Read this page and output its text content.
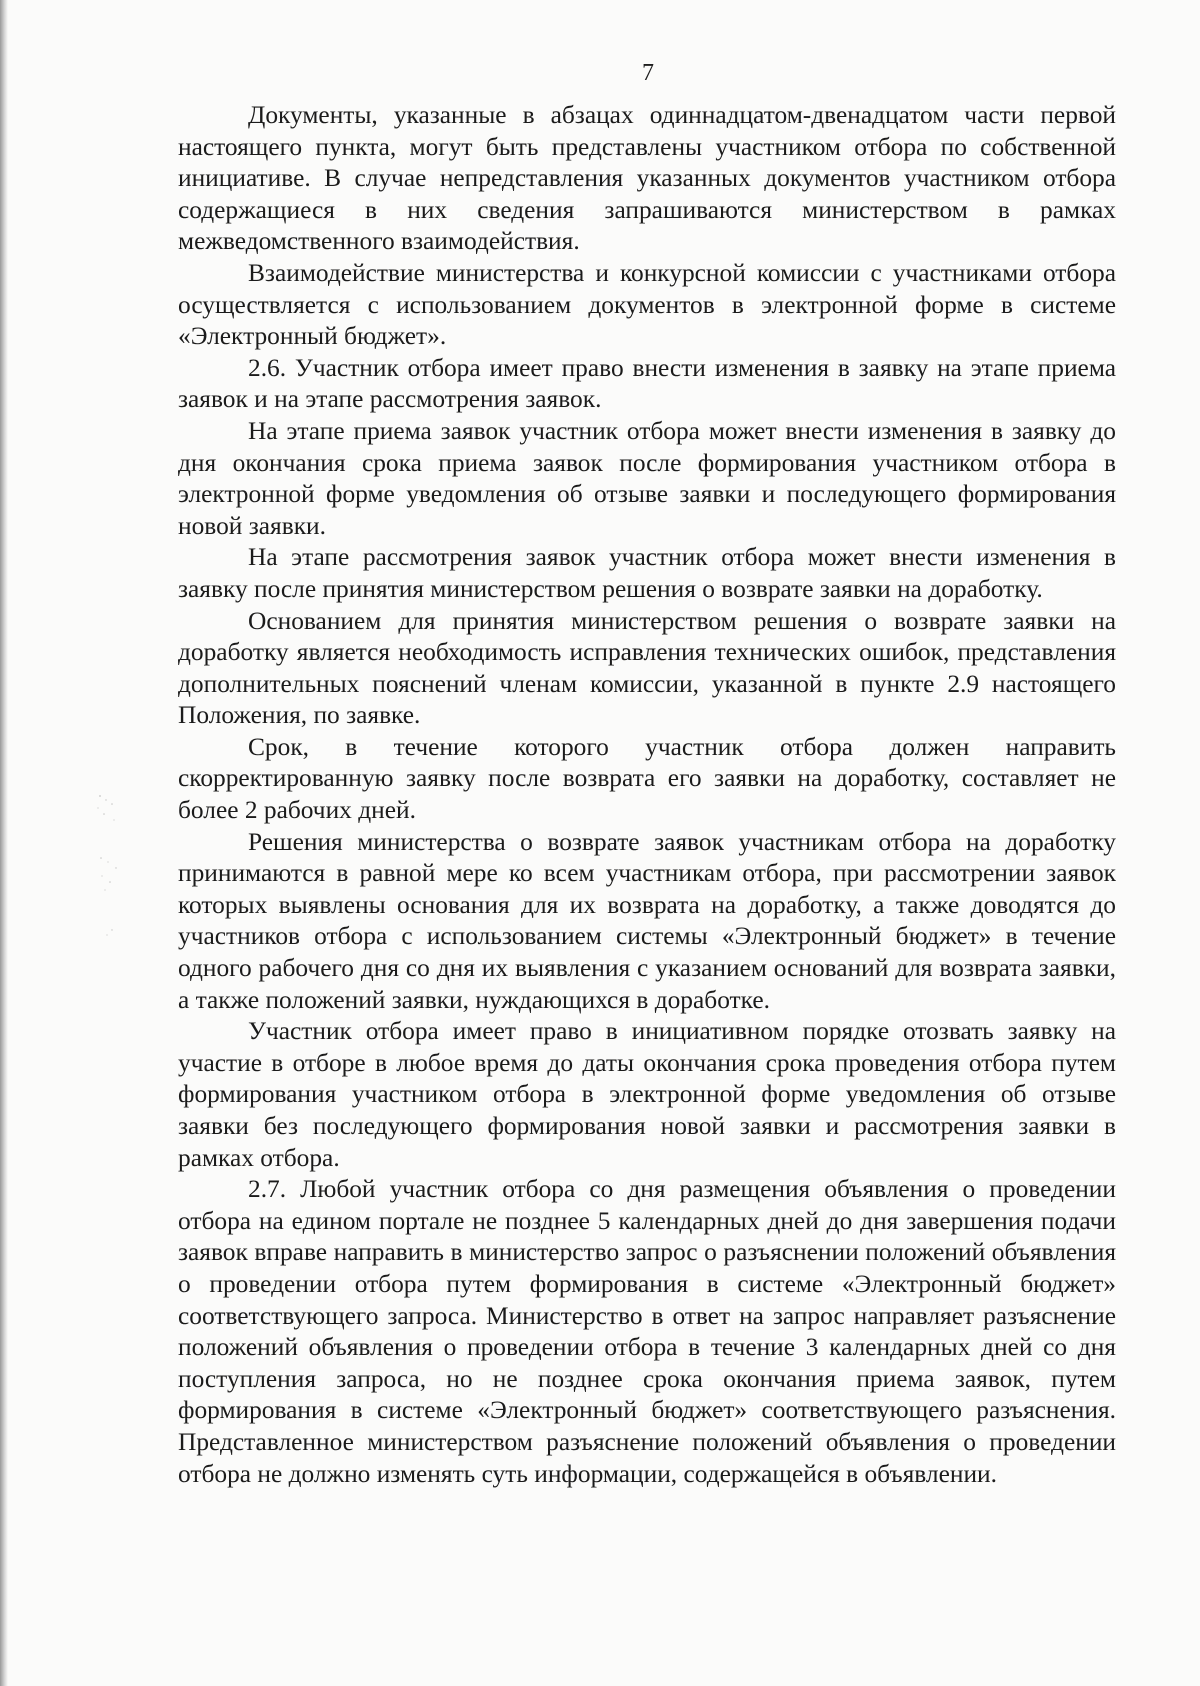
7

Документы, указанные в абзацах одиннадцатом-двенадцатом части первой настоящего пункта, могут быть представлены участником отбора по собственной инициативе. В случае непредставления указанных документов участником отбора содержащиеся в них сведения запрашиваются министерством в рамках межведомственного взаимодействия.

Взаимодействие министерства и конкурсной комиссии с участниками отбора осуществляется с использованием документов в электронной форме в системе «Электронный бюджет».

2.6. Участник отбора имеет право внести изменения в заявку на этапе приема заявок и на этапе рассмотрения заявок.

На этапе приема заявок участник отбора может внести изменения в заявку до дня окончания срока приема заявок после формирования участником отбора в электронной форме уведомления об отзыве заявки и последующего формирования новой заявки.

На этапе рассмотрения заявок участник отбора может внести изменения в заявку после принятия министерством решения о возврате заявки на доработку.

Основанием для принятия министерством решения о возврате заявки на доработку является необходимость исправления технических ошибок, представления дополнительных пояснений членам комиссии, указанной в пункте 2.9 настоящего Положения, по заявке.

Срок, в течение которого участник отбора должен направить скорректированную заявку после возврата его заявки на доработку, составляет не более 2 рабочих дней.

Решения министерства о возврате заявок участникам отбора на доработку принимаются в равной мере ко всем участникам отбора, при рассмотрении заявок которых выявлены основания для их возврата на доработку, а также доводятся до участников отбора с использованием системы «Электронный бюджет» в течение одного рабочего дня со дня их выявления с указанием оснований для возврата заявки, а также положений заявки, нуждающихся в доработке.

Участник отбора имеет право в инициативном порядке отозвать заявку на участие в отборе в любое время до даты окончания срока проведения отбора путем формирования участником отбора в электронной форме уведомления об отзыве заявки без последующего формирования новой заявки и рассмотрения заявки в рамках отбора.

2.7. Любой участник отбора со дня размещения объявления о проведении отбора на едином портале не позднее 5 календарных дней до дня завершения подачи заявок вправе направить в министерство запрос о разъяснении положений объявления о проведении отбора путем формирования в системе «Электронный бюджет» соответствующего запроса. Министерство в ответ на запрос направляет разъяснение положений объявления о проведении отбора в течение 3 календарных дней со дня поступления запроса, но не позднее срока окончания приема заявок, путем формирования в системе «Электронный бюджет» соответствующего разъяснения. Представленное министерством разъяснение положений объявления о проведении отбора не должно изменять суть информации, содержащейся в объявлении.
